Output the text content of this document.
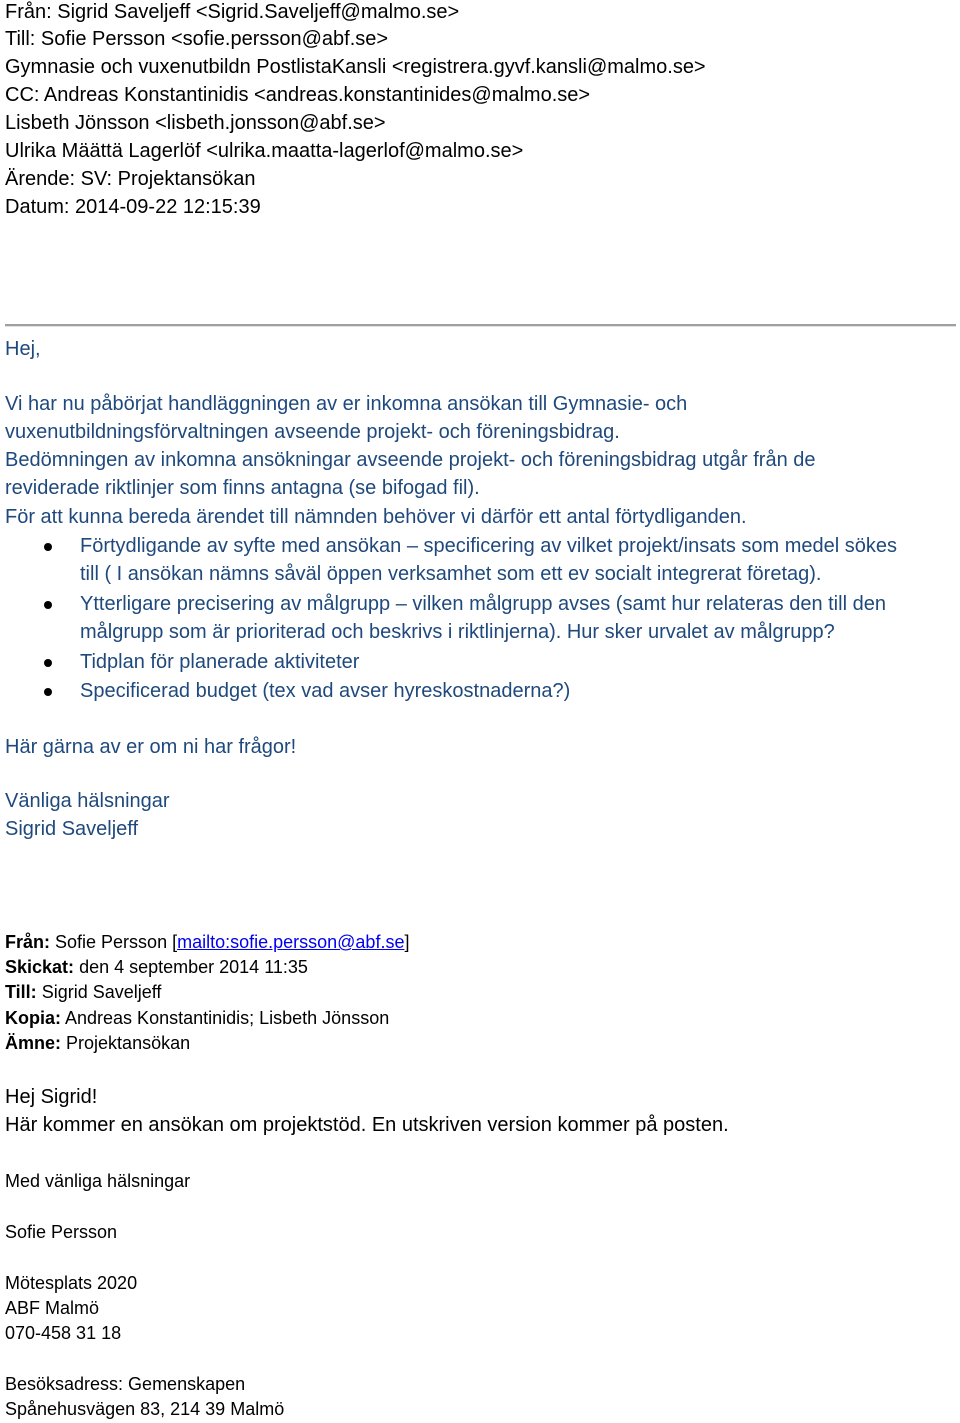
Från: Sigrid Saveljeff <Sigrid.Saveljeff@malmo.se>
Till: Sofie Persson <sofie.persson@abf.se>
Gymnasie och vuxenutbildn PostlistaKansli <registrera.gyvf.kansli@malmo.se>
CC: Andreas Konstantinidis <andreas.konstantinides@malmo.se>
Lisbeth Jönsson <lisbeth.jonsson@abf.se>
Ulrika Määttä Lagerlöf <ulrika.maatta-lagerlof@malmo.se>
Ärende: SV: Projektansökan
Datum: 2014-09-22 12:15:39
Hej,
Vi har nu påbörjat handläggningen av er inkomna ansökan till Gymnasie- och
vuxenutbildningsförvaltningen avseende projekt- och föreningsbidrag.
Bedömningen av inkomna ansökningar avseende projekt- och föreningsbidrag utgår från de
reviderade riktlinjer som finns antagna (se bifogad fil).
För att kunna bereda ärendet till nämnden behöver vi därför ett antal förtydliganden.
Förtydligande av syfte med ansökan – specificering av vilket projekt/insats som medel sökes
till ( I ansökan nämns såväl öppen verksamhet som ett ev socialt integrerat företag).
Ytterligare precisering av målgrupp – vilken målgrupp avses (samt hur relateras den till den
målgrupp som är prioriterad och beskrivs i riktlinjerna). Hur sker urvalet av målgrupp?
Tidplan för planerade aktiviteter
Specificerad budget (tex vad avser hyreskostnaderna?)
Här gärna av er om ni har frågor!
Vänliga hälsningar
Sigrid Saveljeff
Från: Sofie Persson [mailto:sofie.persson@abf.se]
Skickat: den 4 september 2014 11:35
Till: Sigrid Saveljeff
Kopia: Andreas Konstantinidis; Lisbeth Jönsson
Ämne: Projektansökan
Hej Sigrid!
Här kommer en ansökan om projektstöd. En utskriven version kommer på posten.
Med vänliga hälsningar
Sofie Persson
Mötesplats 2020
ABF Malmö
070-458 31 18
Besöksadress: Gemenskapen
Spånehusvägen 83, 214 39 Malmö
